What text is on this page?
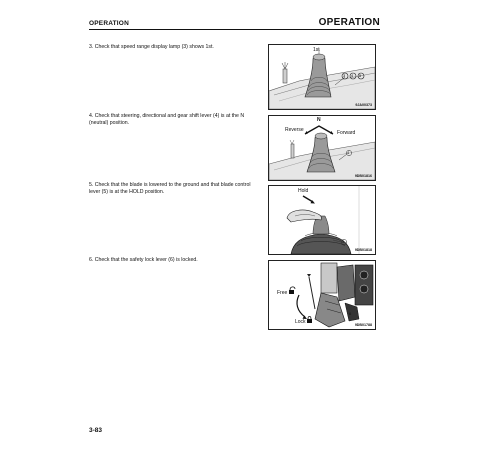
OPERATION	OPERATION
3. Check that speed range display lamp (3) shows 1st.	1st
3 4 5
9JA00373
4. Check that steering, directional and gear shift lever (4) is at the N (neutral) position.	N
Reverse	Forward
4
9DB01816
5. Check that the blade is lowered to the ground and that blade control lever (5) is at the HOLD position.	Hold
5
9DB01818
6. Check that the safety lock lever (6) is locked.
Free
Lock
6
9DB01788
3-83
